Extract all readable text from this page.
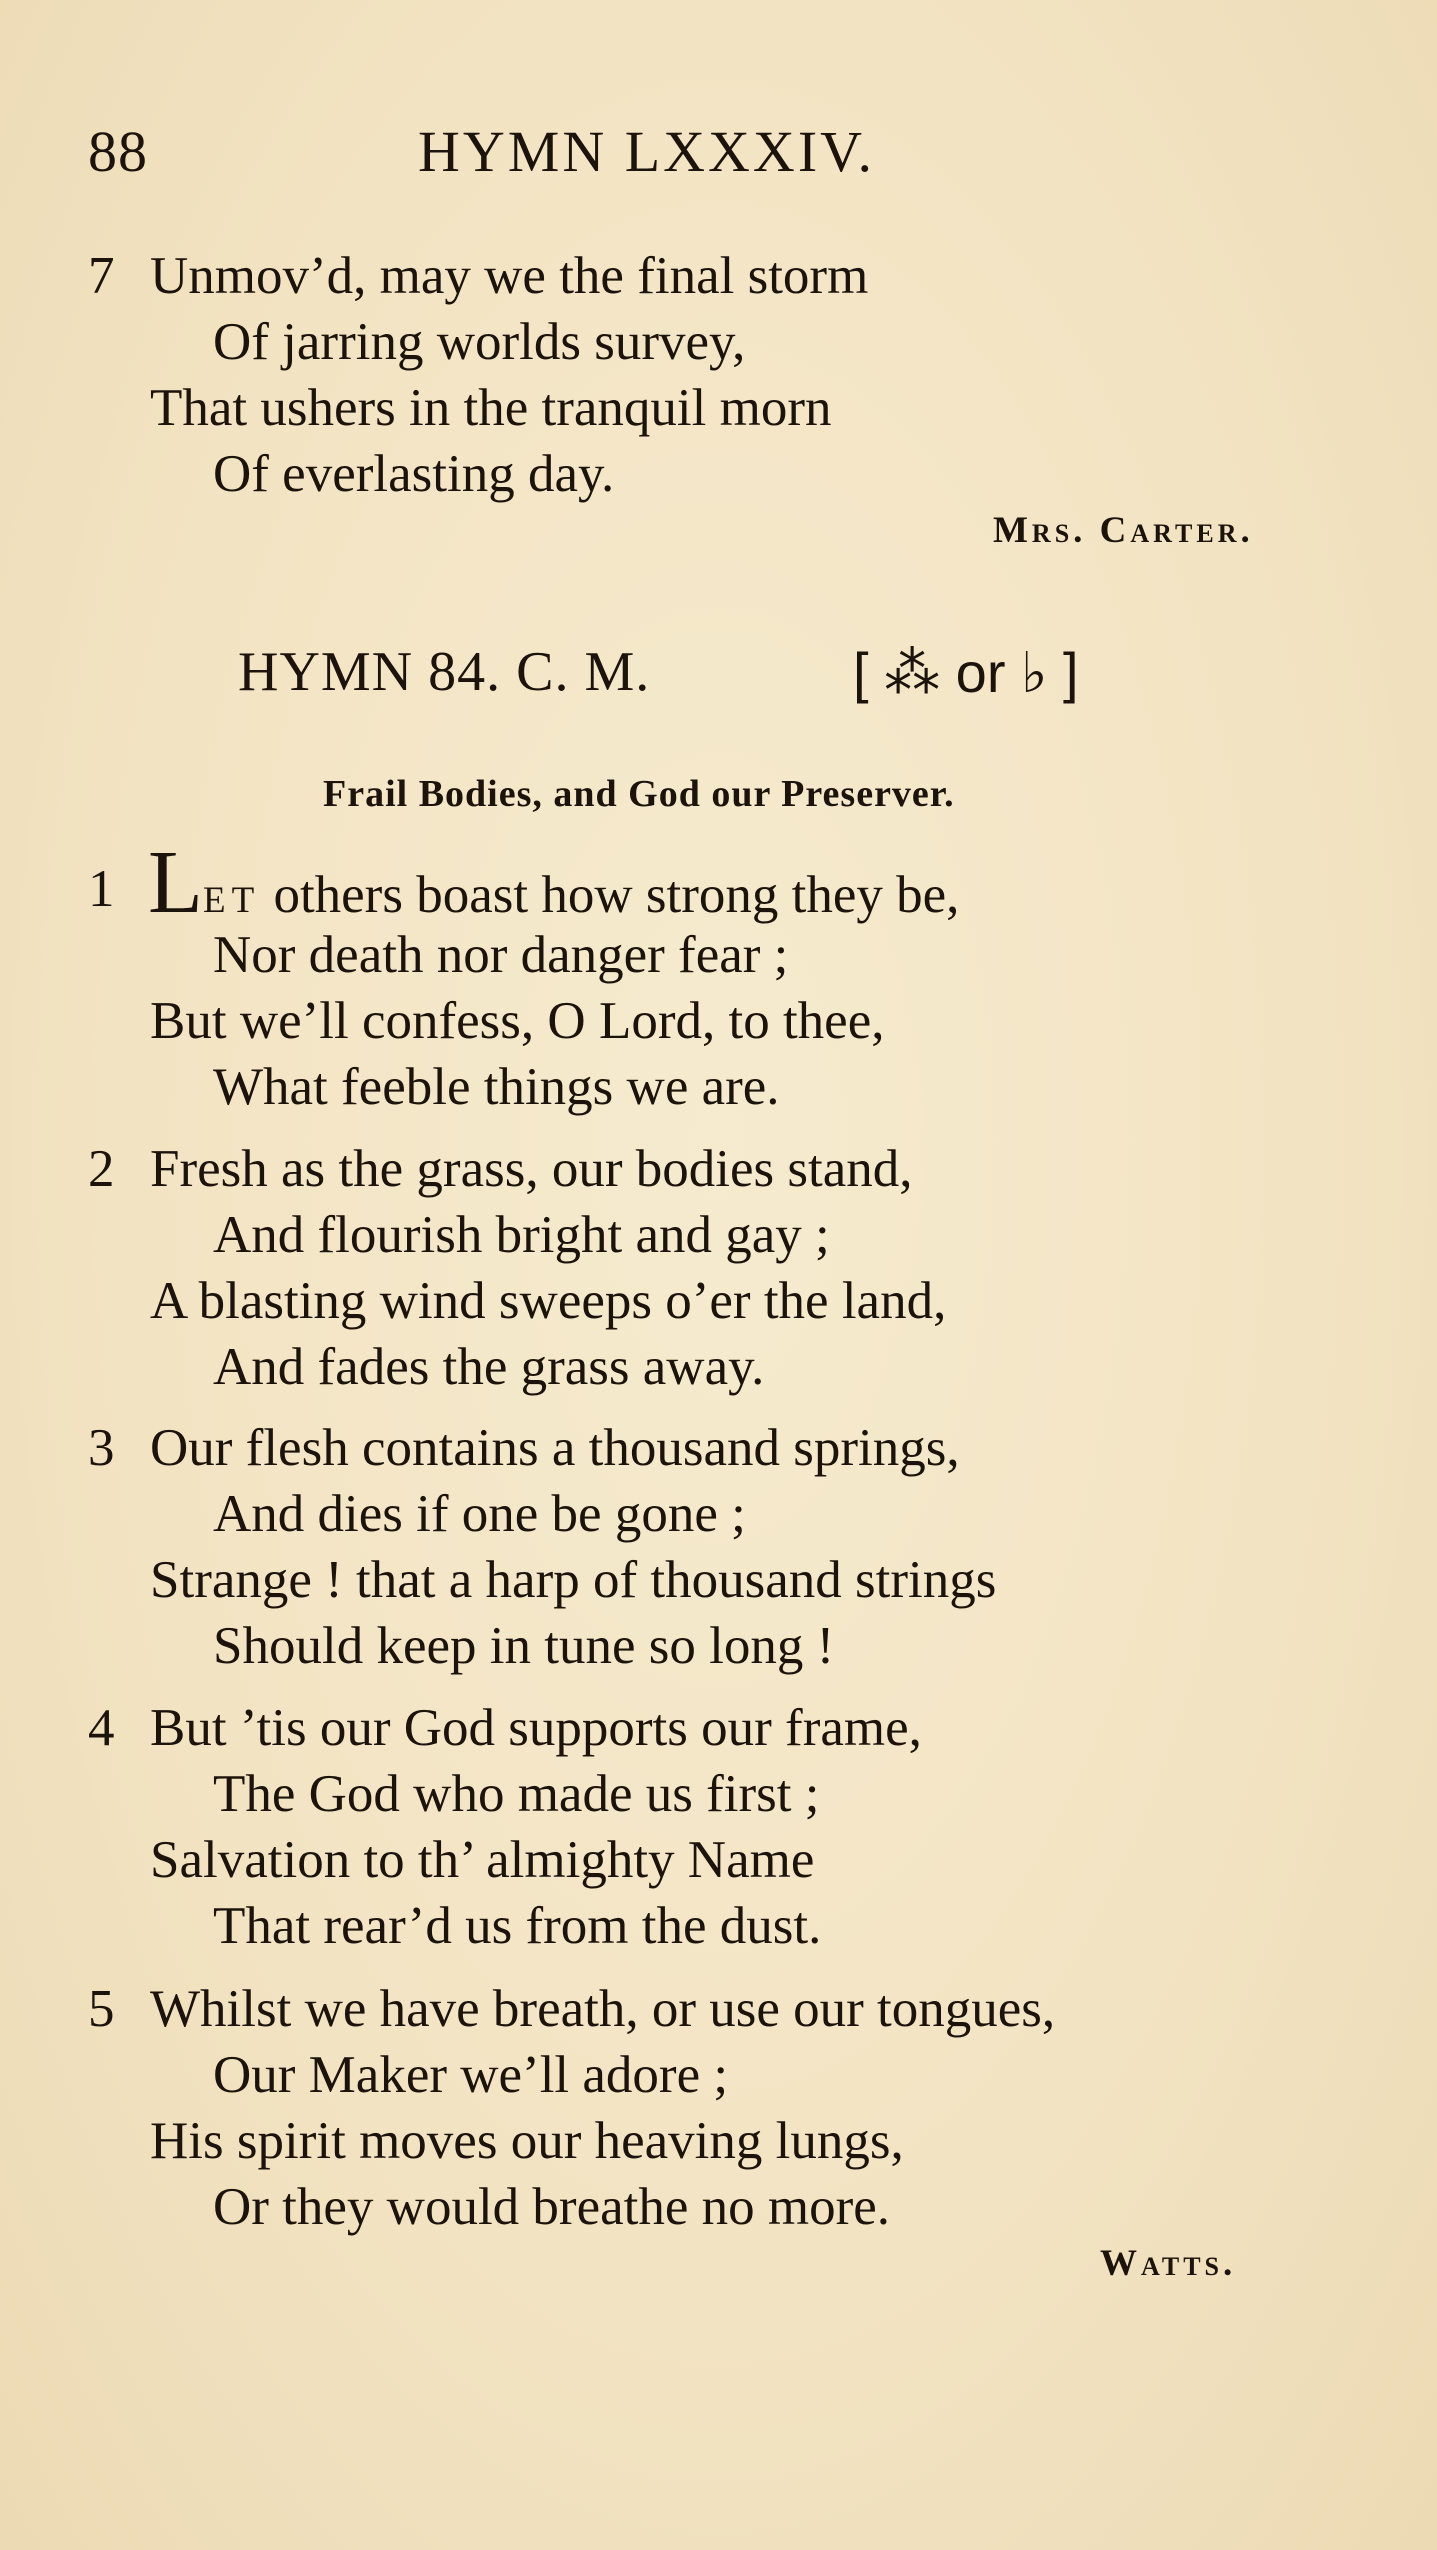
88	HYMN LXXXIV.
7 Unmov’d, may we the final storm
Of jarring worlds survey,
That ushers in the tranquil morn
Of everlasting day.
Mrs. Carter.
HYMN 84. C. M.	[ ⁂ or ♭ ]
Frail Bodies, and God our Preserver.
1 Let others boast how strong they be,
Nor death nor danger fear ;
But we’ll confess, O Lord, to thee,
What feeble things we are.
2 Fresh as the grass, our bodies stand,
And flourish bright and gay ;
A blasting wind sweeps o’er the land,
And fades the grass away.
3 Our flesh contains a thousand springs,
And dies if one be gone ;
Strange ! that a harp of thousand strings
Should keep in tune so long !
4 But ’tis our God supports our frame,
The God who made us first ;
Salvation to th’ almighty Name
That rear’d us from the dust.
5 Whilst we have breath, or use our tongues,
Our Maker we’ll adore ;
His spirit moves our heaving lungs,
Or they would breathe no more.
Watts.
